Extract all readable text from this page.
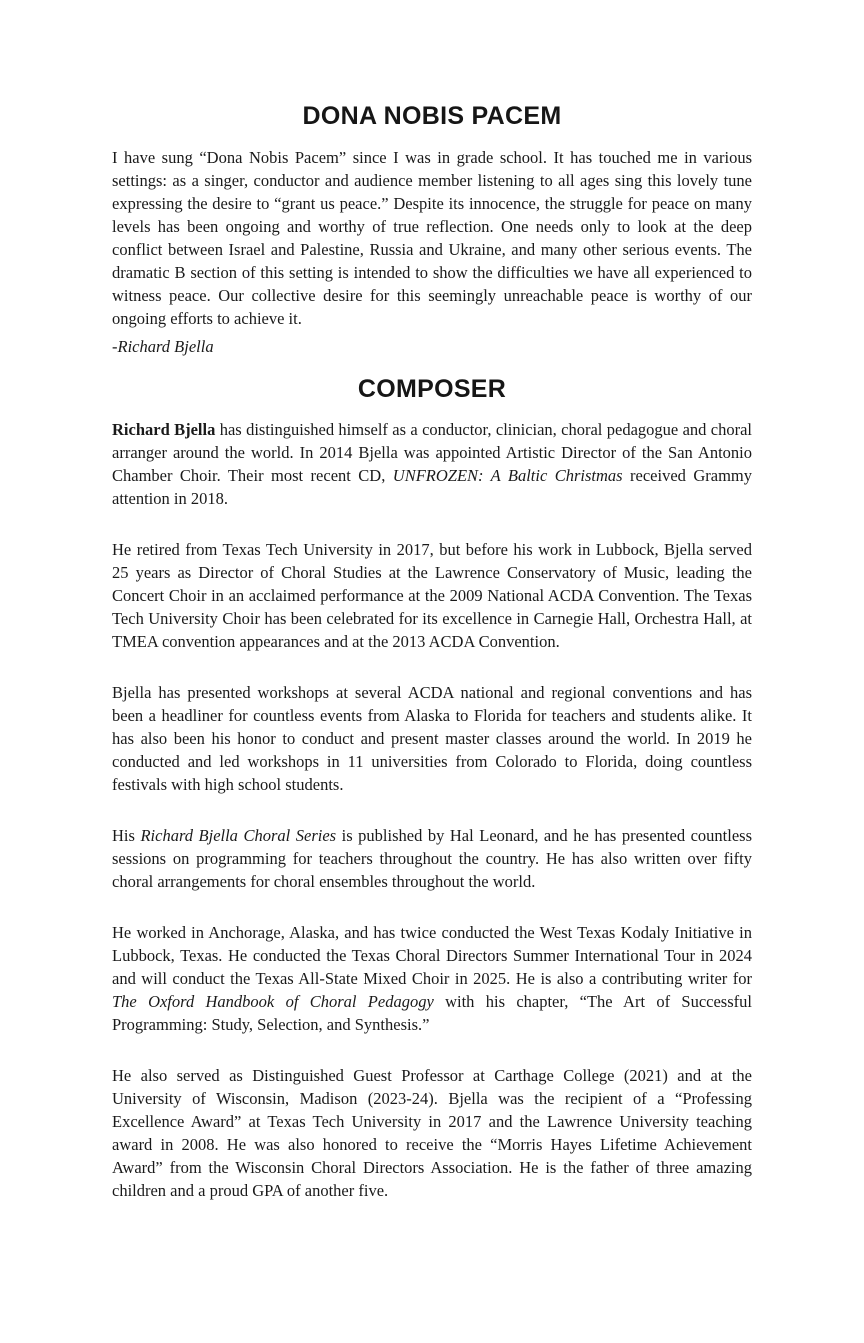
DONA NOBIS PACEM

I have sung “Dona Nobis Pacem” since I was in grade school. It has touched me in various settings: as a singer, conductor and audience member listening to all ages sing this lovely tune expressing the desire to “grant us peace.” Despite its innocence, the struggle for peace on many levels has been ongoing and worthy of true reflection. One needs only to look at the deep conflict between Israel and Palestine, Russia and Ukraine, and many other serious events. The dramatic B section of this setting is intended to show the difficulties we have all experienced to witness peace. Our collective desire for this seemingly unreachable peace is worthy of our ongoing efforts to achieve it.

-Richard Bjella

COMPOSER

Richard Bjella has distinguished himself as a conductor, clinician, choral pedagogue and choral arranger around the world. In 2014 Bjella was appointed Artistic Director of the San Antonio Chamber Choir. Their most recent CD, UNFROZEN: A Baltic Christmas received Grammy attention in 2018.

He retired from Texas Tech University in 2017, but before his work in Lubbock, Bjella served 25 years as Director of Choral Studies at the Lawrence Conservatory of Music, leading the Concert Choir in an acclaimed performance at the 2009 National ACDA Convention. The Texas Tech University Choir has been celebrated for its excellence in Carnegie Hall, Orchestra Hall, at TMEA convention appearances and at the 2013 ACDA Convention.

Bjella has presented workshops at several ACDA national and regional conventions and has been a headliner for countless events from Alaska to Florida for teachers and students alike. It has also been his honor to conduct and present master classes around the world. In 2019 he conducted and led workshops in 11 universities from Colorado to Florida, doing countless festivals with high school students.

His Richard Bjella Choral Series is published by Hal Leonard, and he has presented countless sessions on programming for teachers throughout the country. He has also written over fifty choral arrangements for choral ensembles throughout the world.

He worked in Anchorage, Alaska, and has twice conducted the West Texas Kodaly Initiative in Lubbock, Texas. He conducted the Texas Choral Directors Summer International Tour in 2024 and will conduct the Texas All-State Mixed Choir in 2025. He is also a contributing writer for The Oxford Handbook of Choral Pedagogy with his chapter, “The Art of Successful Programming: Study, Selection, and Synthesis.”

He also served as Distinguished Guest Professor at Carthage College (2021) and at the University of Wisconsin, Madison (2023-24). Bjella was the recipient of a “Professing Excellence Award” at Texas Tech University in 2017 and the Lawrence University teaching award in 2008. He was also honored to receive the “Morris Hayes Lifetime Achievement Award” from the Wisconsin Choral Directors Association. He is the father of three amazing children and a proud GPA of another five.
